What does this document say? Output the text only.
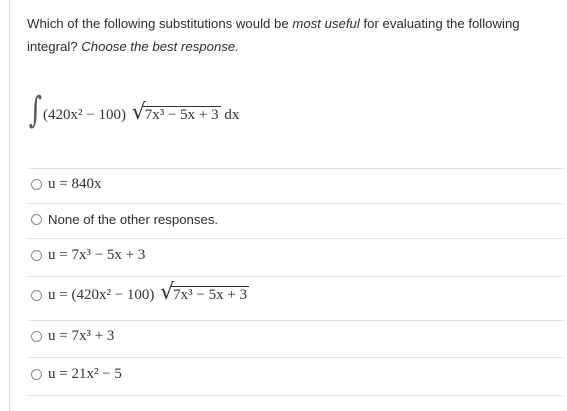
Which of the following substitutions would be most useful for evaluating the following integral? Choose the best response.
∫ (420x² − 100) √
7x³ − 5x + 3 dx
u = 840x
None of the other responses.
u = 7x³ − 5x + 3
u = (420x² − 100) √
7x³ − 5x + 3
u = 7x³ + 3
u = 21x² − 5
